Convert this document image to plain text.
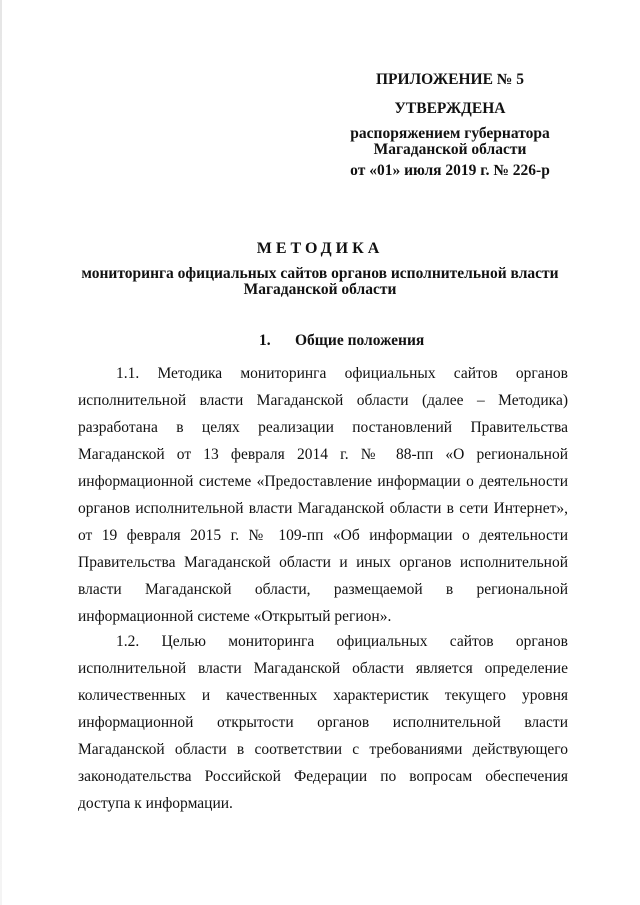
ПРИЛОЖЕНИЕ № 5
УТВЕРЖДЕНА
распоряжением губернатора
Магаданской области
от «01» июля 2019 г. № 226-р
МЕТОДИКА
мониторинга официальных сайтов органов исполнительной власти
Магаданской области
1. Общие положения
1.1. Методика мониторинга официальных сайтов органов
исполнительной власти Магаданской области (далее – Методика)
разработана в целях реализации постановлений Правительства
Магаданской от 13 февраля 2014 г. № 88-пп «О региональной
информационной системе «Предоставление информации о деятельности
органов исполнительной власти Магаданской области в сети Интернет»,
от 19 февраля 2015 г. № 109-пп «Об информации о деятельности
Правительства Магаданской области и иных органов исполнительной
власти Магаданской области, размещаемой в региональной
информационной системе «Открытый регион».
1.2. Целью мониторинга официальных сайтов органов
исполнительной власти Магаданской области является определение
количественных и качественных характеристик текущего уровня
информационной открытости органов исполнительной власти
Магаданской области в соответствии с требованиями действующего
законодательства Российской Федерации по вопросам обеспечения
доступа к информации.
